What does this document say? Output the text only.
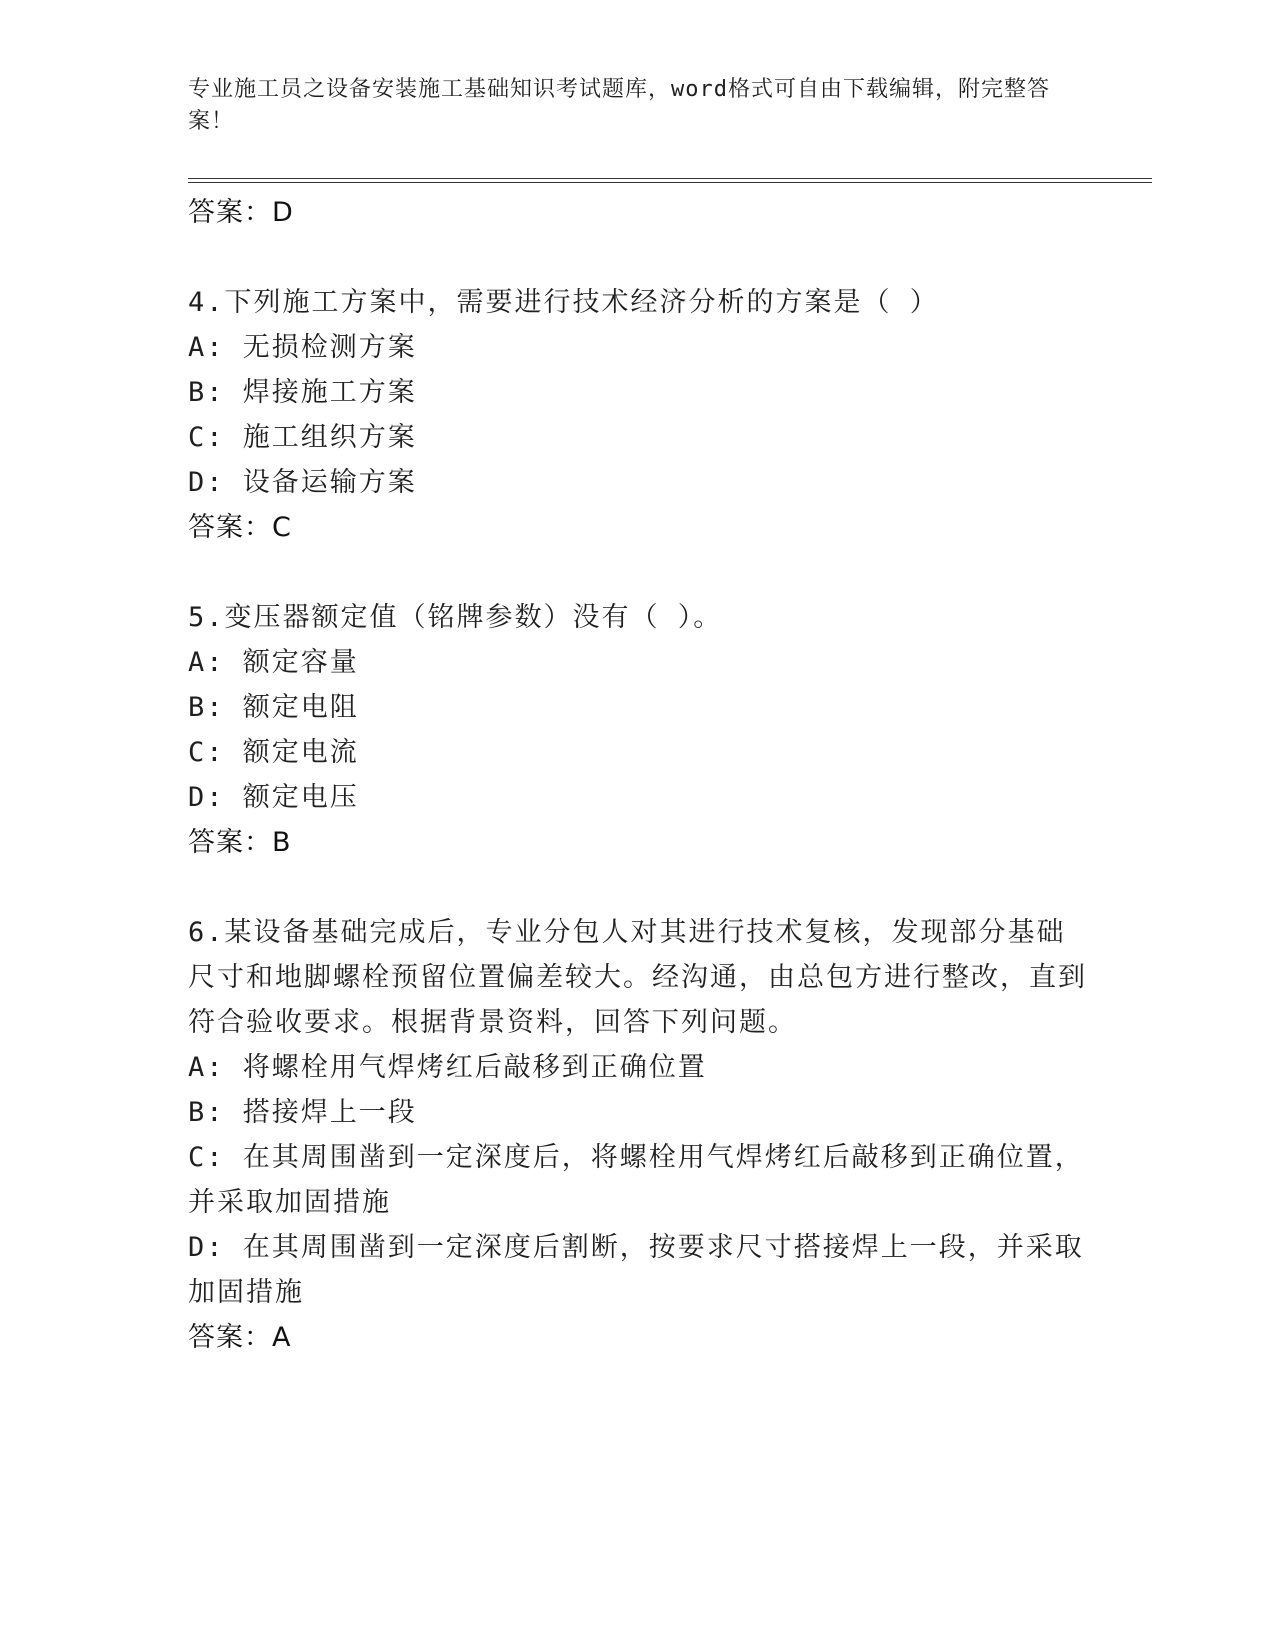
专业施工员之设备安装施工基础知识考试题库，word格式可自由下载编辑，附完整答案！
答案：D
4.下列施工方案中，需要进行技术经济分析的方案是（ ）
A: 无损检测方案
B: 焊接施工方案
C: 施工组织方案
D: 设备运输方案
答案：C
5.变压器额定值（铭牌参数）没有（ ）。
A: 额定容量
B: 额定电阻
C: 额定电流
D: 额定电压
答案：B
6.某设备基础完成后，专业分包人对其进行技术复核，发现部分基础尺寸和地脚螺栓预留位置偏差较大。经沟通，由总包方进行整改，直到符合验收要求。根据背景资料，回答下列问题。
A: 将螺栓用气焊烤红后敲移到正确位置
B: 搭接焊上一段
C: 在其周围凿到一定深度后，将螺栓用气焊烤红后敲移到正确位置，并采取加固措施
D: 在其周围凿到一定深度后割断，按要求尺寸搭接焊上一段，并采取加固措施
答案：A
